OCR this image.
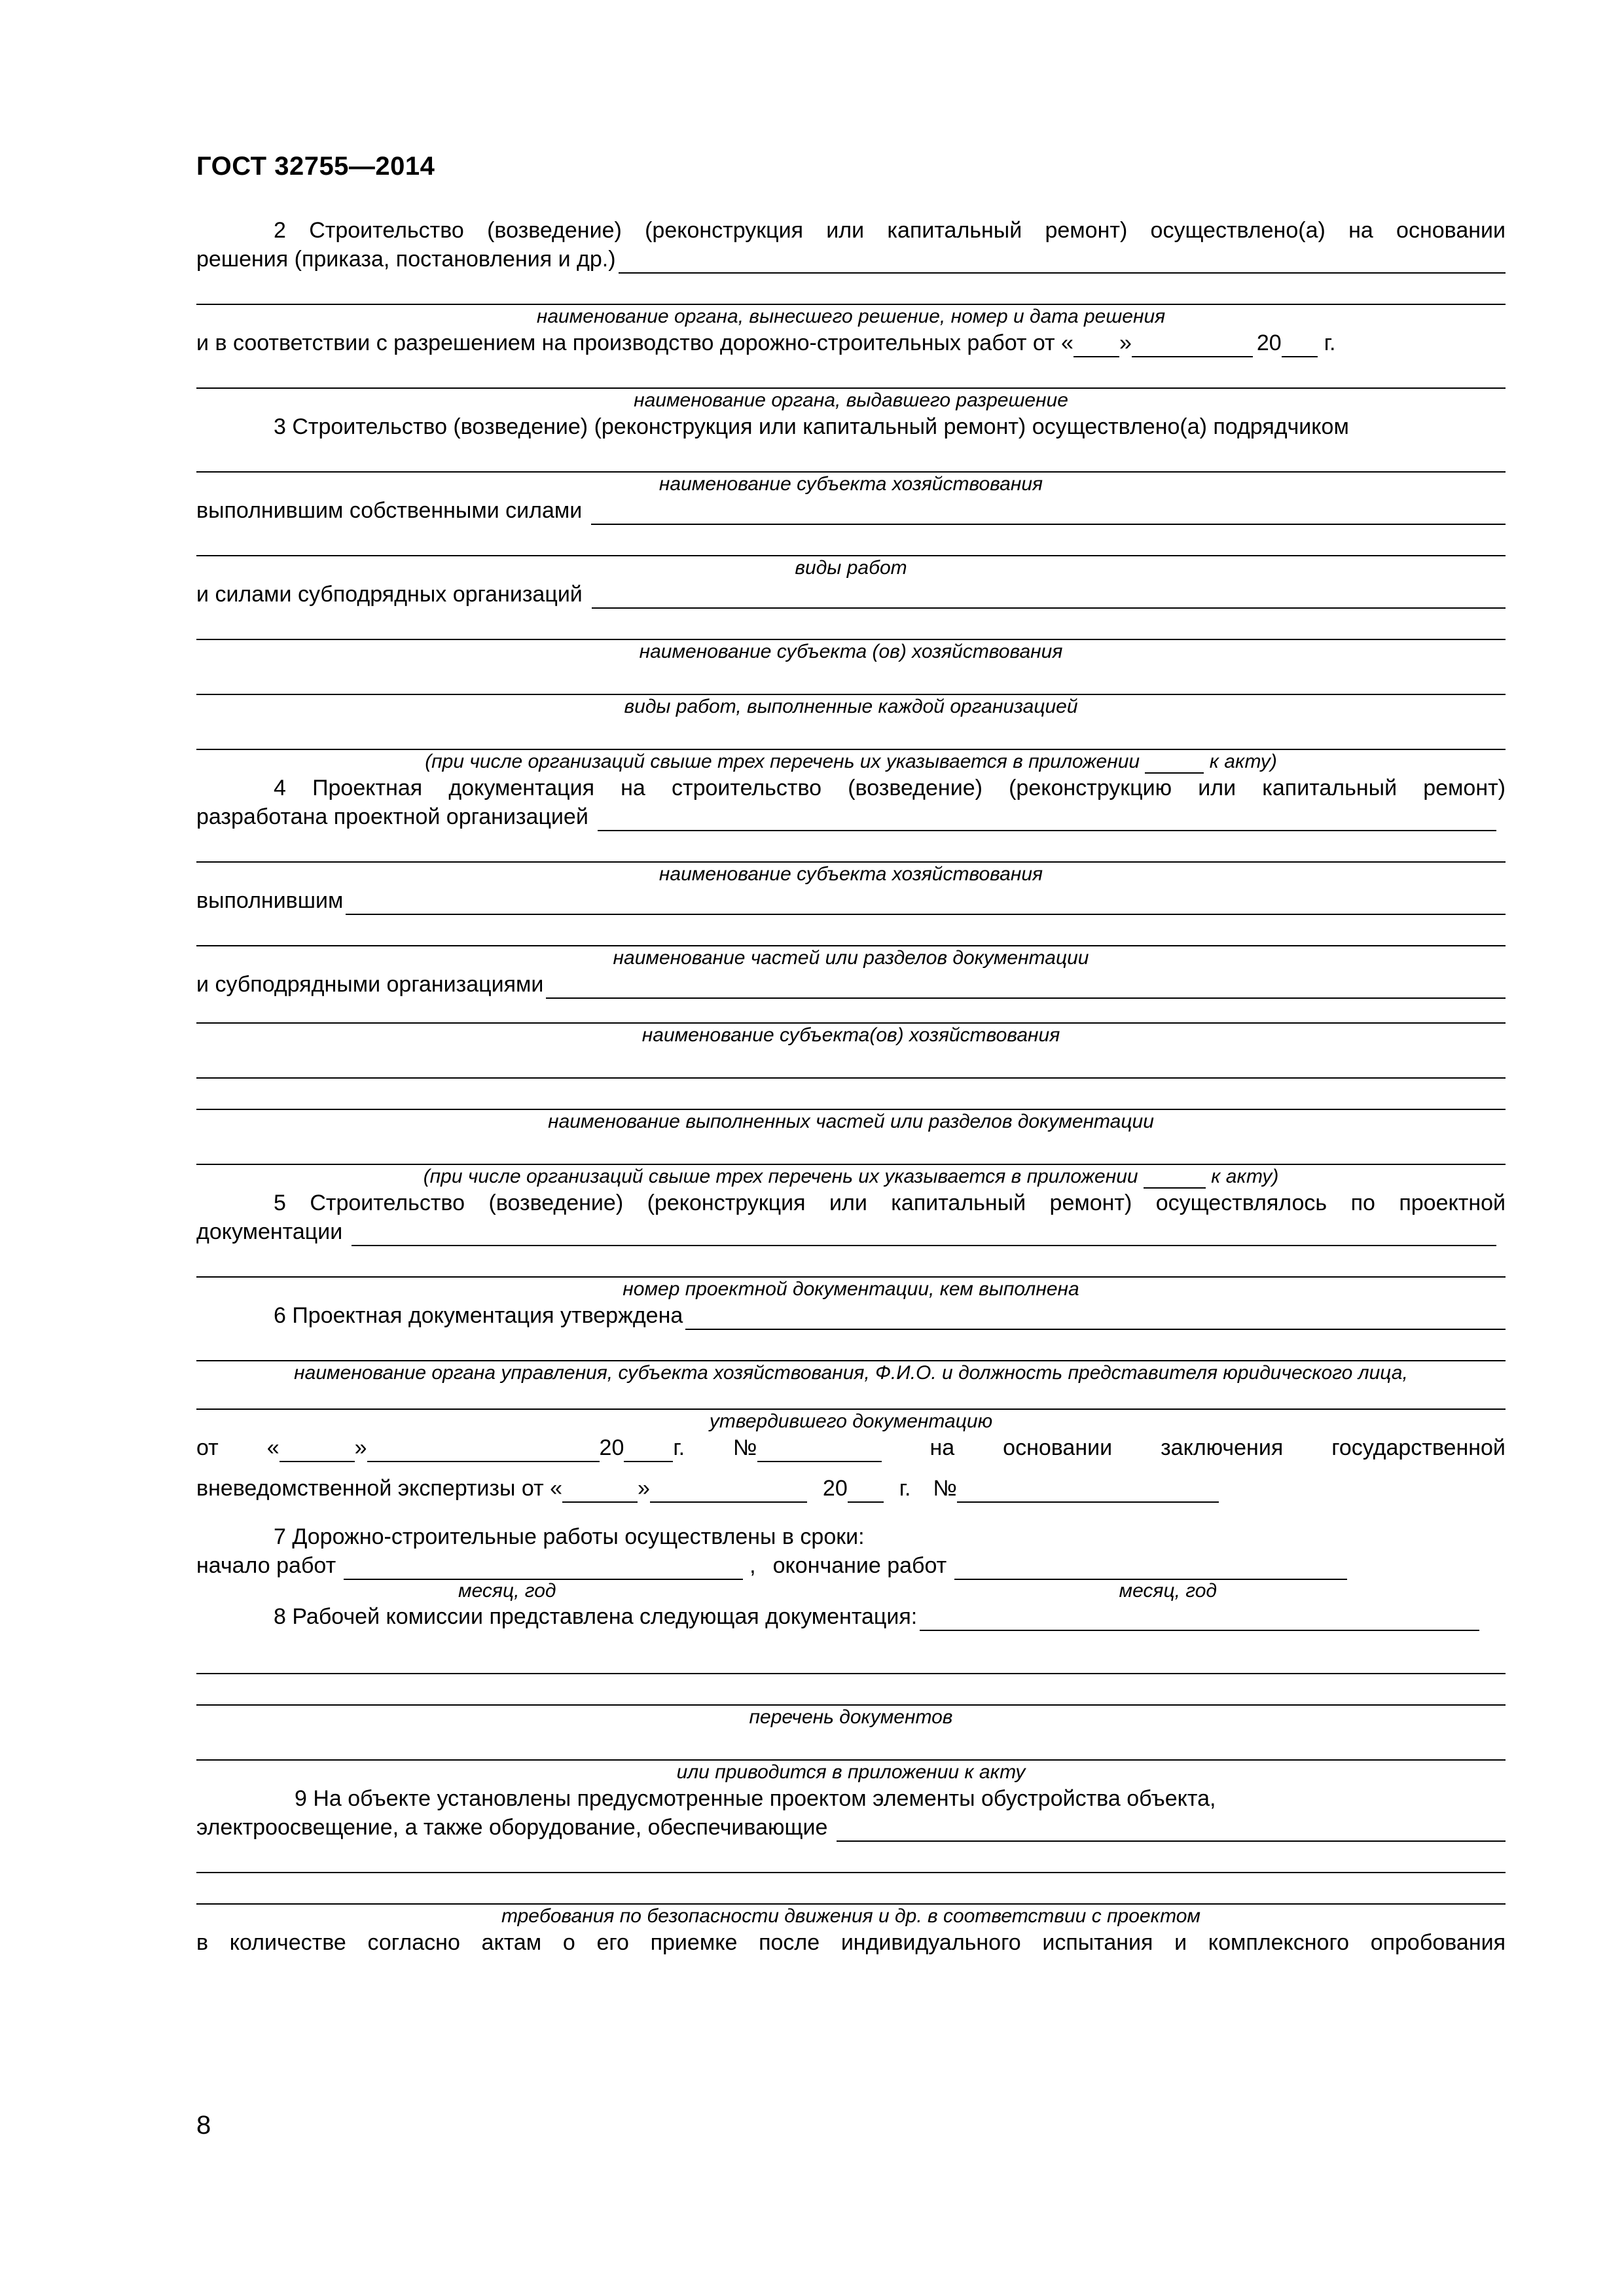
ГОСТ 32755—2014

2 Строительство (возведение) (реконструкция или капитальный ремонт) осуществлено(а) на основании

решения (приказа, постановления и др.)
наименование органа, вынесшего решение, номер и дата решения
и в соответствии с разрешением на производство дорожно-строительных работ от « »	20 г.
наименование органа, выдавшего разрешение

3 Строительство (возведение) (реконструкция или капитальный ремонт) осуществлено(а) подрядчиком

наименование субъекта хозяйствования
выполнившим собственными силами
виды работ
и силами субподрядных организаций
наименование субъекта (ов) хозяйствования
виды работ, выполненные каждой организацией
(при числе организаций свыше трех перечень их указывается в приложении	к акту)

4 Проектная документация на строительство (возведение) (реконструкцию или капитальный ремонт)

разработана проектной организацией
наименование субъекта хозяйствования
выполнившим
наименование частей или разделов документации
и субподрядными организациями
наименование субъекта(ов) хозяйствования
наименование выполненных частей или разделов документации
(при числе организаций свыше трех перечень их указывается в приложении	к акту)

5 Строительство (возведение) (реконструкция или капитальный ремонт) осуществлялось по проектной

документации
номер проектной документации, кем выполнена
6 Проектная документация утверждена
наименование органа управления, субъекта хозяйствования, Ф.И.О. и должность представителя юридического лица,
утвердившего документацию
от «	»	20 г. №	на основании заключения государственной
вневедомственной экспертизы от «	»	20 г. №

7 Дорожно-строительные работы осуществлены в сроки:

начало работ	, окончание работ
месяц, год	месяц, год
8 Рабочей комиссии представлена следующая документация:
перечень документов
или приводится в приложении к акту

9 На объекте установлены предусмотренные проектом элементы обустройства объекта,

электроосвещение, а также оборудование, обеспечивающие
требования по безопасности движения и др. в соответствии с проектом

в количестве согласно актам о его приемке после индивидуального испытания и комплексного опробования

8
